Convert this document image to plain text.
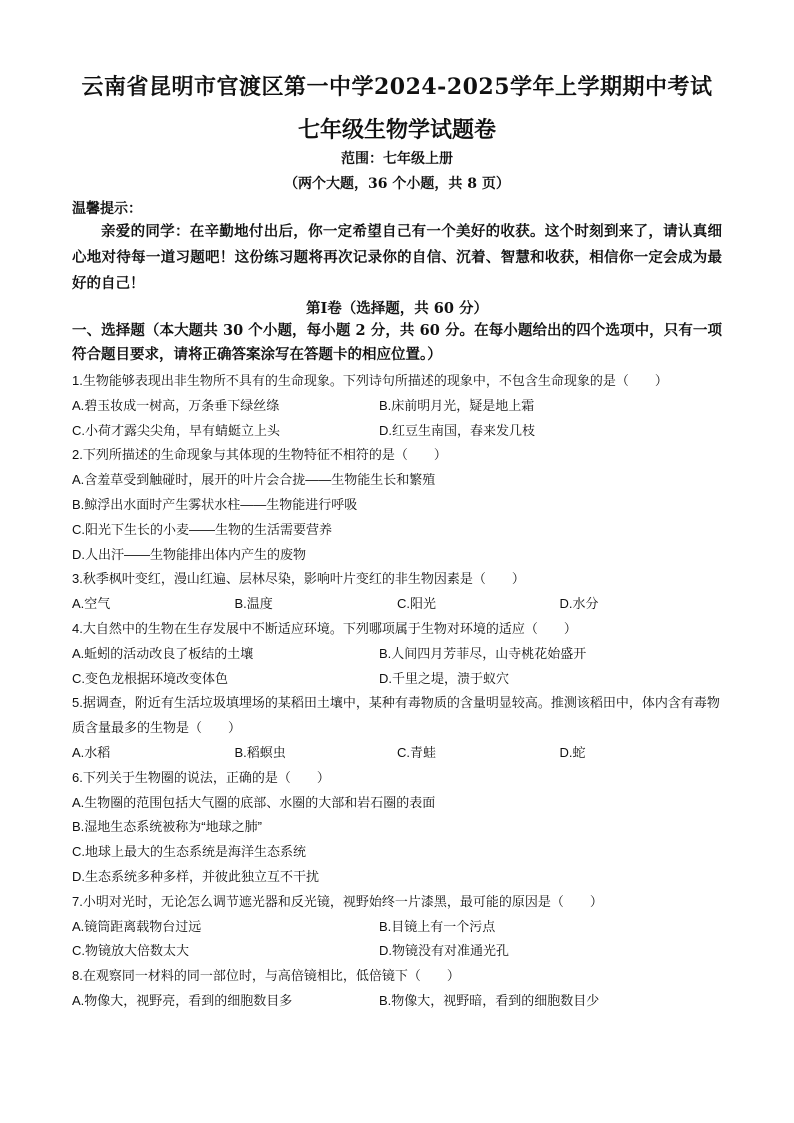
云南省昆明市官渡区第一中学2024-2025学年上学期期中考试
七年级生物学试题卷
范围：七年级上册
（两个大题，36 个小题，共 8 页）
温馨提示：
亲爱的同学：在辛勤地付出后，你一定希望自己有一个美好的收获。这个时刻到来了，请认真细心地对待每一道习题吧！这份练习题将再次记录你的自信、沉着、智慧和收获，相信你一定会成为最好的自己！
第Ⅰ卷（选择题，共 60 分）
一、选择题（本大题共 30 个小题，每小题 2 分，共 60 分。在每小题给出的四个选项中，只有一项符合题目要求，请将正确答案涂写在答题卡的相应位置。）
1.生物能够表现出非生物所不具有的生命现象。下列诗句所描述的现象中，不包含生命现象的是（　　）
A.碧玉妆成一树高，万条垂下绿丝绦	B.床前明月光，疑是地上霜
C.小荷才露尖尖角，早有蜻蜓立上头	D.红豆生南国，春来发几枝
2.下列所描述的生命现象与其体现的生物特征不相符的是（　　）
A.含羞草受到触碰时，展开的叶片会合拢——生物能生长和繁殖
B.鲸浮出水面时产生雾状水柱——生物能进行呼吸
C.阳光下生长的小麦——生物的生活需要营养
D.人出汗——生物能排出体内产生的废物
3.秋季枫叶变红，漫山红遍、层林尽染，影响叶片变红的非生物因素是（　　）
A.空气	B.温度	C.阳光	D.水分
4.大自然中的生物在生存发展中不断适应环境。下列哪项属于生物对环境的适应（　　）
A.蚯蚓的活动改良了板结的土壤	B.人间四月芳菲尽，山寺桃花始盛开
C.变色龙根据环境改变体色	D.千里之堤，溃于蚁穴
5.据调查，附近有生活垃圾填埋场的某稻田土壤中，某种有毒物质的含量明显较高。推测该稻田中，体内含有毒物质含量最多的生物是（　　）
A.水稻	B.稻螟虫	C.青蛙	D.蛇
6.下列关于生物圈的说法，正确的是（　　）
A.生物圈的范围包括大气圈的底部、水圈的大部和岩石圈的表面
B.湿地生态系统被称为“地球之肺”
C.地球上最大的生态系统是海洋生态系统
D.生态系统多种多样，并彼此独立互不干扰
7.小明对光时，无论怎么调节遮光器和反光镜，视野始终一片漆黑，最可能的原因是（　　）
A.镜筒距离载物台过远	B.目镜上有一个污点
C.物镜放大倍数太大	D.物镜没有对准通光孔
8.在观察同一材料的同一部位时，与高倍镜相比，低倍镜下（　　）
A.物像大，视野亮，看到的细胞数目多	B.物像大，视野暗，看到的细胞数目少
